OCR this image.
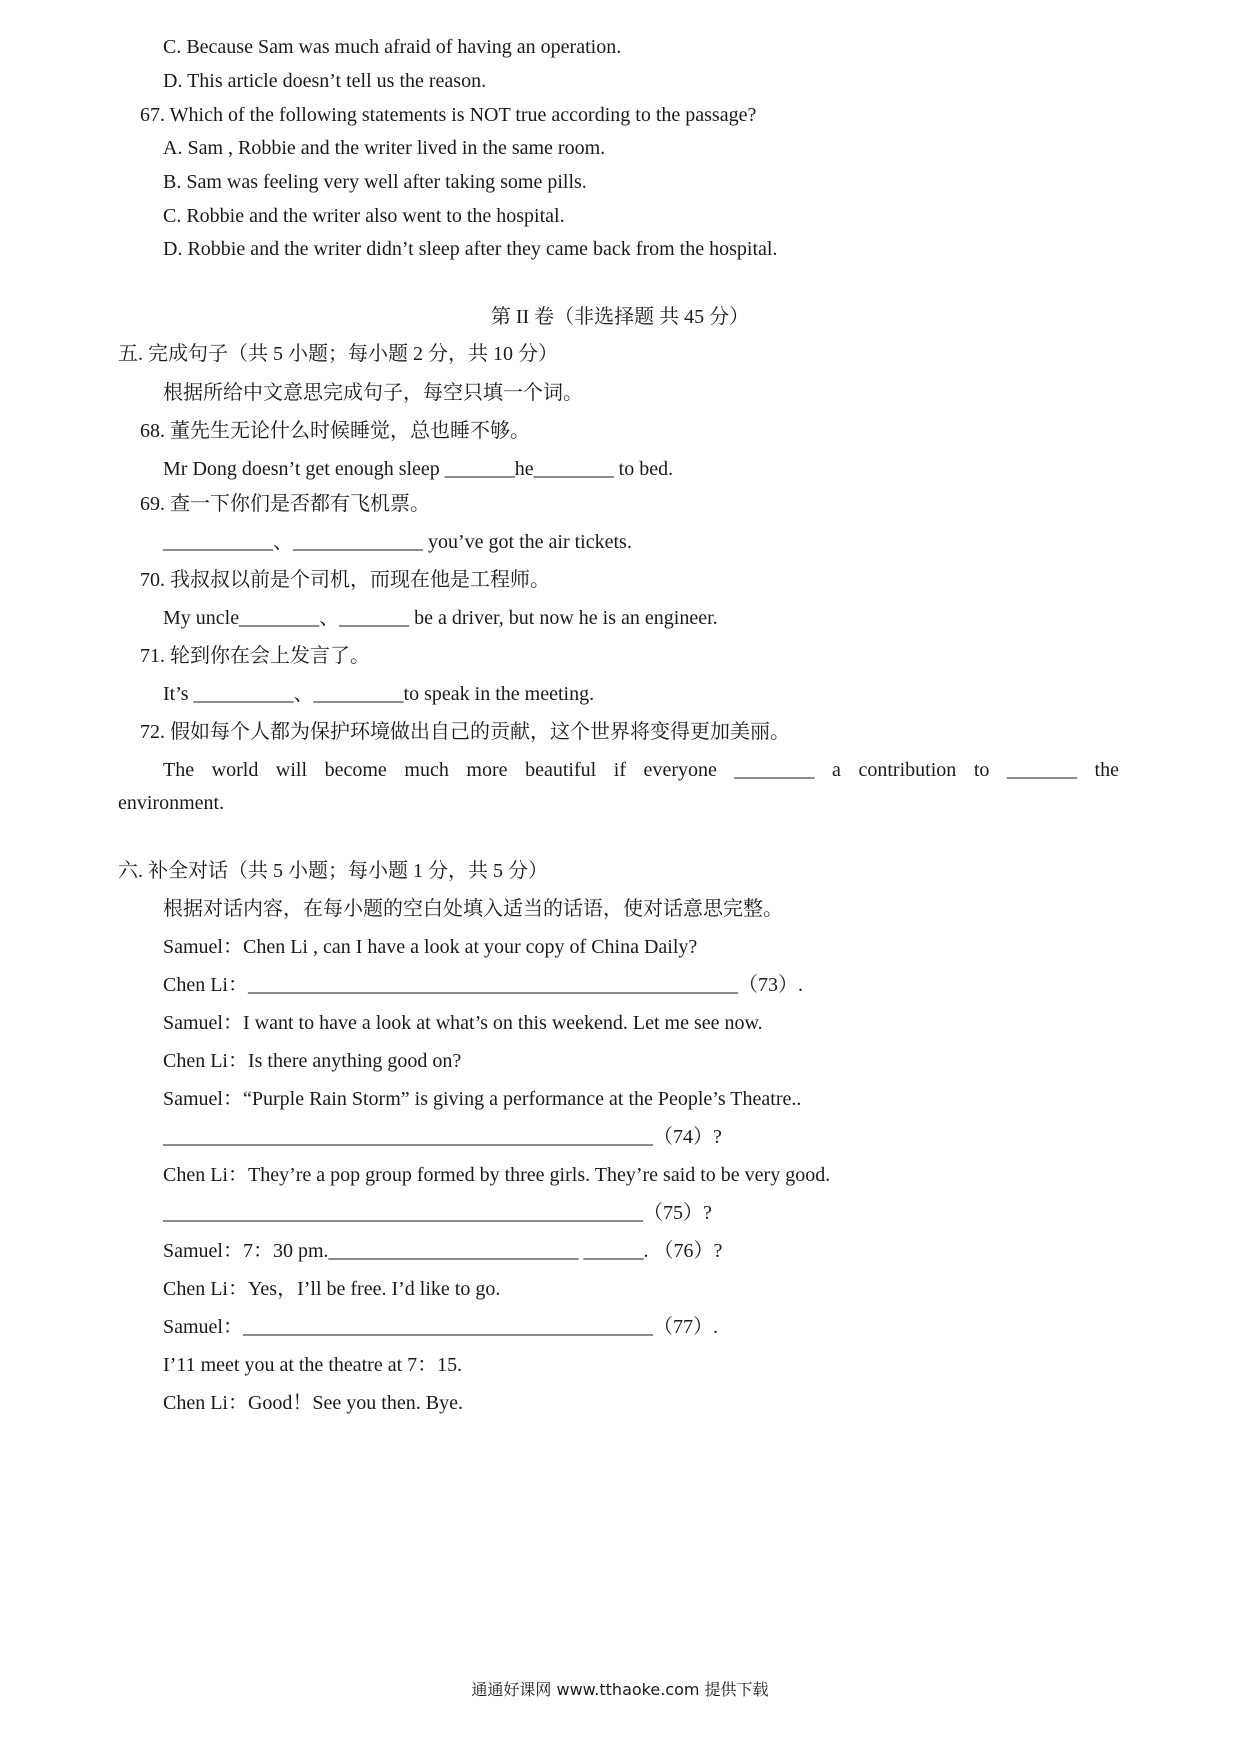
C. Because Sam was much afraid of having an operation.
D. This article doesn’t tell us the reason.
67. Which of the following statements is NOT true according to the passage?
A. Sam , Robbie and the writer lived in the same room.
B. Sam was feeling very well after taking some pills.
C. Robbie and the writer also went to the hospital.
D. Robbie and the writer didn’t sleep after they came back from the hospital.
第 II 卷（非选择题 共 45 分）
五. 完成句子（共 5 小题；每小题 2 分，共 10 分）
根据所给中文意思完成句子，每空只填一个词。
68. 董先生无论什么时候睡觉，总也睡不够。
Mr Dong doesn’t get enough sleep _______he________ to bed.
69. 查一下你们是否都有飞机票。
___________、_____________ you’ve got the air tickets.
70. 我叔叔以前是个司机，而现在他是工程师。
My uncle________、_______ be a driver, but now he is an engineer.
71. 轮到你在会上发言了。
It’s __________、_________to speak in the meeting.
72. 假如每个人都为保护环境做出自己的贡献，这个世界将变得更加美丽。
The world will become much more beautiful if everyone ________ a contribution to _______ the
environment.
六. 补全对话（共 5 小题；每小题 1 分，共 5 分）
根据对话内容，在每小题的空白处填入适当的话语，使对话意思完整。
Samuel：Chen Li , can I have a look at your copy of China Daily?
Chen Li：_________________________________________________（73）.
Samuel：I want to have a look at what’s on this weekend. Let me see now.
Chen Li：Is there anything good on?
Samuel：“Purple Rain Storm” is giving a performance at the People’s Theatre..
_________________________________________________（74）?
Chen Li：They’re a pop group formed by three girls. They’re said to be very good.
________________________________________________（75）?
Samuel：7：30 pm._________________________ ______. （76）?
Chen Li：Yes，I’ll be free. I’d like to go.
Samuel：_________________________________________（77）.
I’11 meet you at the theatre at 7：15.
Chen Li：Good！See you then. Bye.
通通好课网 www.tthaoke.com 提供下载
